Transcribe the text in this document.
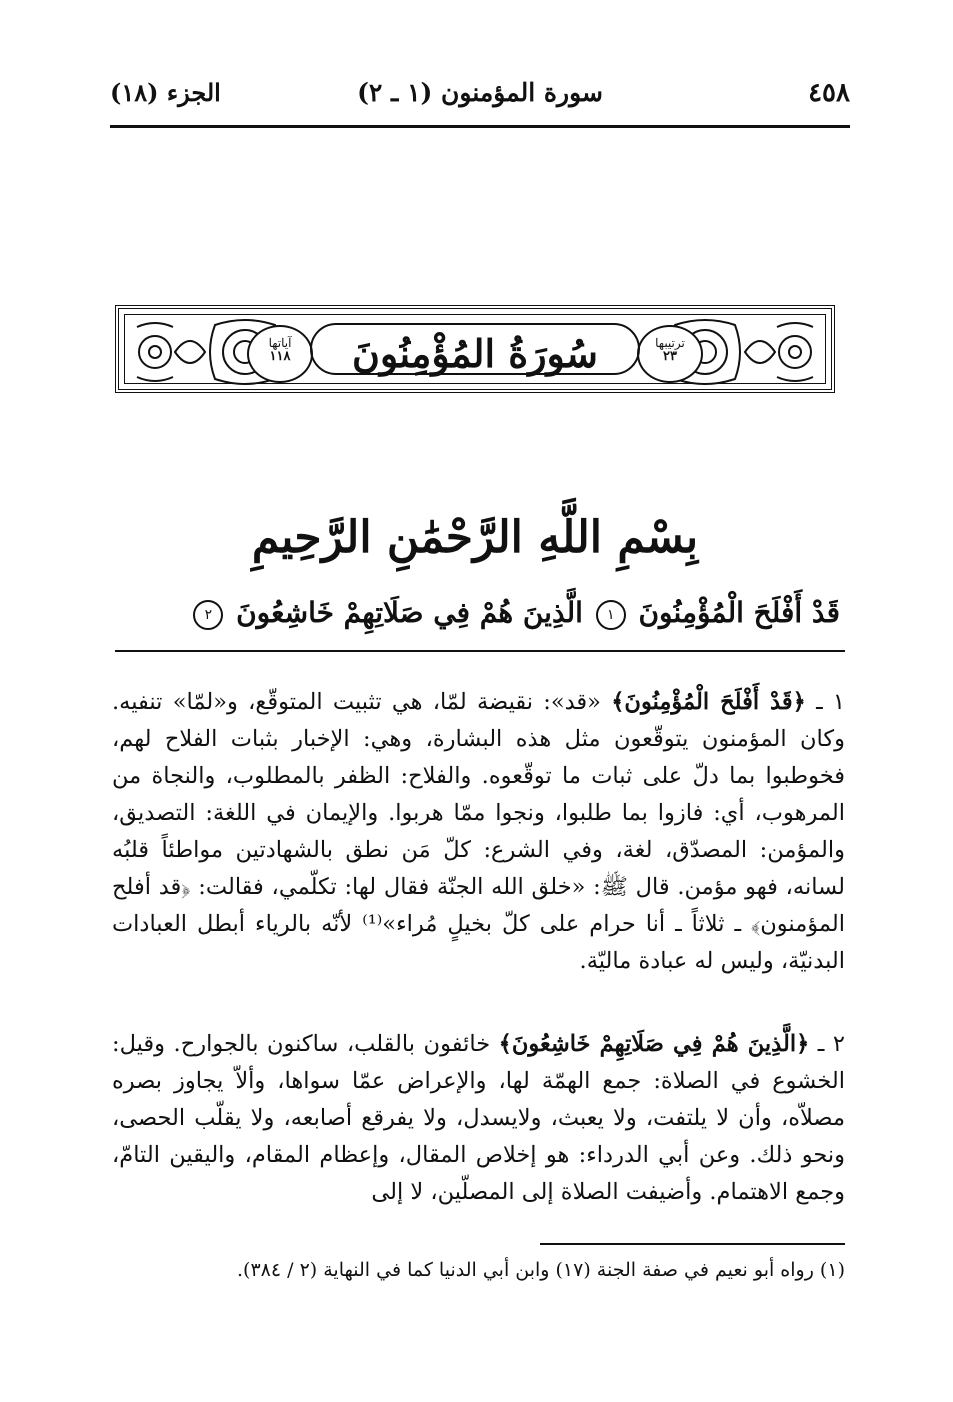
٤٥٨
سورة المؤمنون (١ ـ ٢)
الجزء (١٨)
ترتيبها
٢٣
آياتها
١١٨	سُورَةُ المُؤْمِنُونَ
بِسْمِ اللَّهِ الرَّحْمَٰنِ الرَّحِيمِ
قَدْ أَفْلَحَ الْمُؤْمِنُونَ ١ الَّذِينَ هُمْ فِي صَلَاتِهِمْ خَاشِعُونَ ٢
١ ـ ﴿قَدْ أَفْلَحَ الْمُؤْمِنُونَ﴾ «قد»: نقيضة لمّا، هي تثبيت المتوقّع، و«لمّا» تنفيه. وكان المؤمنون يتوقّعون مثل هذه البشارة، وهي: الإخبار بثبات الفلاح لهم، فخوطبوا بما دلّ على ثبات ما توقّعوه. والفلاح: الظفر بالمطلوب، والنجاة من المرهوب، أي: فازوا بما طلبوا، ونجوا ممّا هربوا. والإيمان في اللغة: التصديق، والمؤمن: المصدّق، لغة، وفي الشرع: كلّ مَن نطق بالشهادتين مواطئاً قلبُه لسانه، فهو مؤمن. قال ﷺ: «خلق الله الجنّة فقال لها: تكلّمي، فقالت: ﴿قد أفلح المؤمنون﴾ ـ ثلاثاً ـ أنا حرام على كلّ بخيلٍ مُراء»⁽¹⁾ لأنّه بالرياء أبطل العبادات البدنيّة، وليس له عبادة ماليّة.
٢ ـ ﴿الَّذِينَ هُمْ فِي صَلَاتِهِمْ خَاشِعُونَ﴾ خائفون بالقلب، ساكنون بالجوارح. وقيل: الخشوع في الصلاة: جمع الهمّة لها، والإعراض عمّا سواها، وألاّ يجاوز بصره مصلاّه، وأن لا يلتفت، ولا يعبث، ولايسدل، ولا يفرقع أصابعه، ولا يقلّب الحصى، ونحو ذلك. وعن أبي الدرداء: هو إخلاص المقال، وإعظام المقام، واليقين التامّ، وجمع الاهتمام. وأضيفت الصلاة إلى المصلّين، لا إلى
(١) رواه أبو نعيم في صفة الجنة (١٧) وابن أبي الدنيا كما في النهاية (٢ / ٣٨٤).
